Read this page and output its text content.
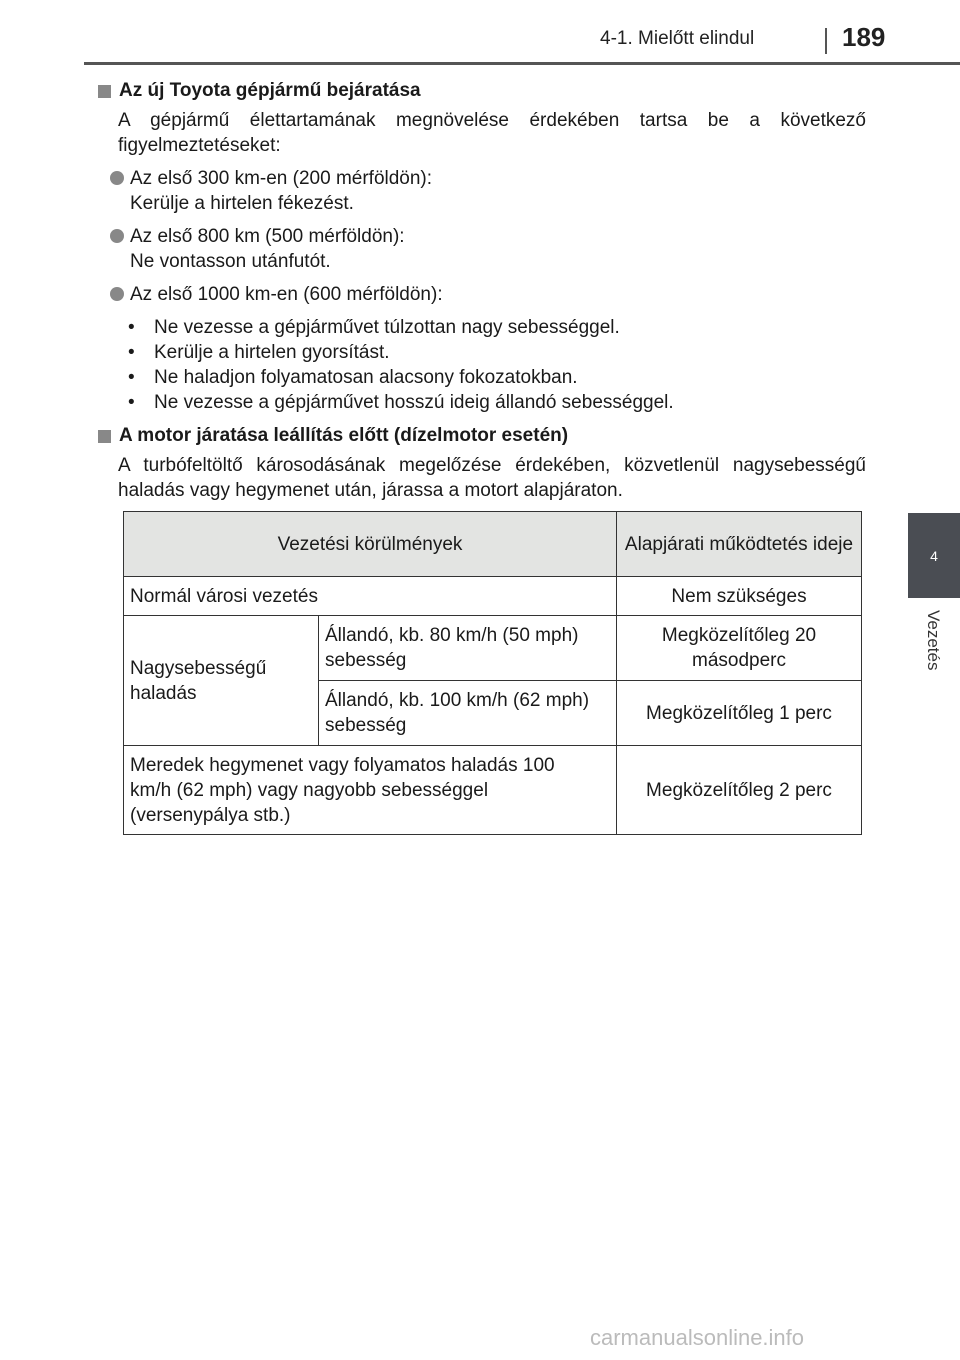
4-1. Mielőtt elindul	189
4
Vezetés
Az új Toyota gépjármű bejáratása
A gépjármű élettartamának megnövelése érdekében tartsa be a következő figyelmeztetéseket:
Az első 300 km-en (200 mérföldön):
Kerülje a hirtelen fékezést.
Az első 800 km (500 mérföldön):
Ne vontasson utánfutót.
Az első 1000 km-en (600 mérföldön):
•	Ne vezesse a gépjárművet túlzottan nagy sebességgel.
•	Kerülje a hirtelen gyorsítást.
•	Ne haladjon folyamatosan alacsony fokozatokban.
•	Ne vezesse a gépjárművet hosszú ideig állandó sebességgel.
A motor járatása leállítás előtt (dízelmotor esetén)
A turbófeltöltő károsodásának megelőzése érdekében, közvetlenül nagysebességű haladás vagy hegymenet után, járassa a motort alapjáraton.
Vezetési körülmények		Alapjárati működtetés ideje
Normál városi vezetés		Nem szükséges
Nagysebességű haladás	Állandó, kb. 80 km/h (50 mph) sebesség	Megközelítőleg 20 másodperc
	Állandó, kb. 100 km/h (62 mph) sebesség	Megközelítőleg 1 perc
Meredek hegymenet vagy folyamatos haladás 100 km/h (62 mph) vagy nagyobb sebességgel (versenypálya stb.)		Megközelítőleg 2 perc
carmanualsonline.info
